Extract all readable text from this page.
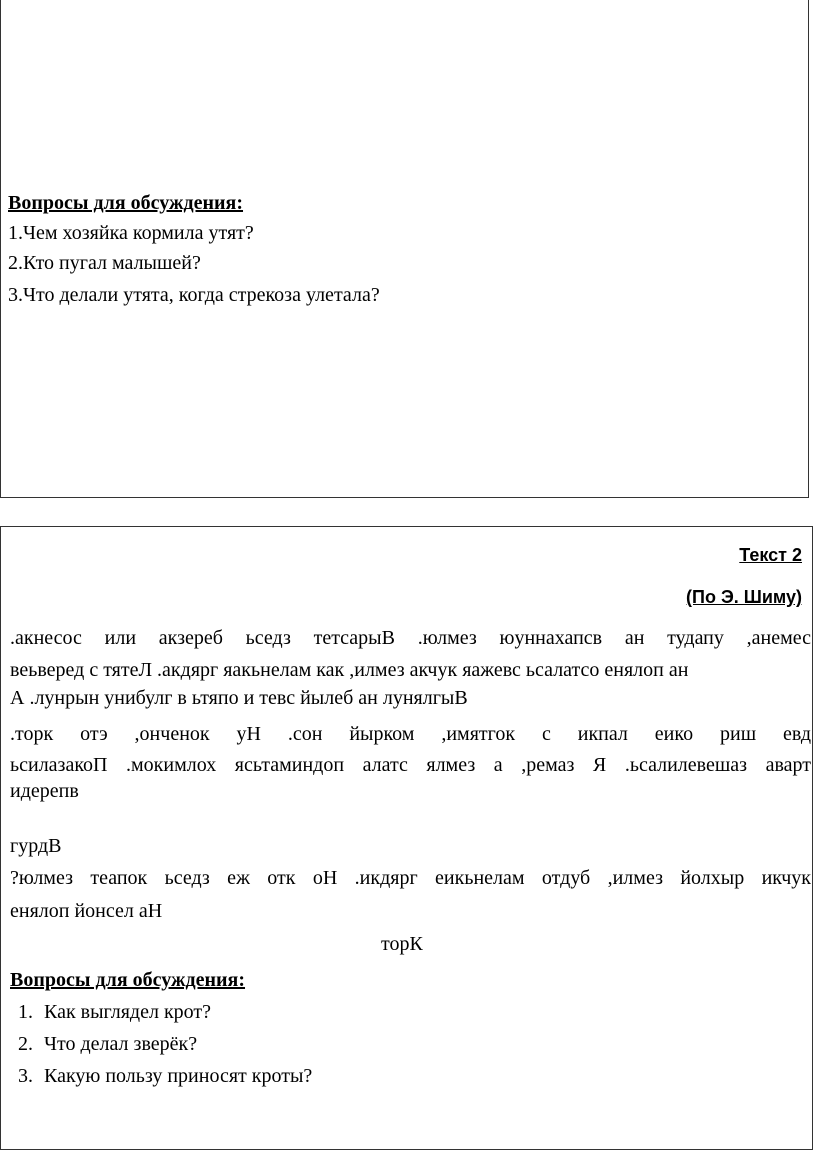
Вопросы для обсуждения:
1.Чем хозяйка кормила утят?
2.Кто пугал малышей?
3.Что делали утята, когда стрекоза улетала?
Текст 2
(По Э. Шиму)
.акнесос или акзереб ьседз тетсарыВ .юлмез юуннахапсв ан тудапу ,анемес
веьверед с тятеЛ .акдярг яакьнелам как ,илмез акчук яажевс ьсалатсо енялоп ан
А .лунрын унибулг в ьтяпо и тевс йылеб ан лунялгыВ
.торк отэ ,онченок уН .сон йырком ,имятгок с икпал еико риш евд
ьсилазакоП .мокимлох ясьтаминдоп алатс ялмез а ,ремаз Я .ьсалилевешаз аварт
идерепв
гурдВ
?юлмез теапок ьседз еж отк оН .икдярг еикьнелам отдуб ,илмез йолхыр икчук
енялоп йонсел аН
торК
Вопросы для обсуждения:
1. Как выглядел крот?
2. Что делал зверёк?
3. Какую пользу приносят кроты?
